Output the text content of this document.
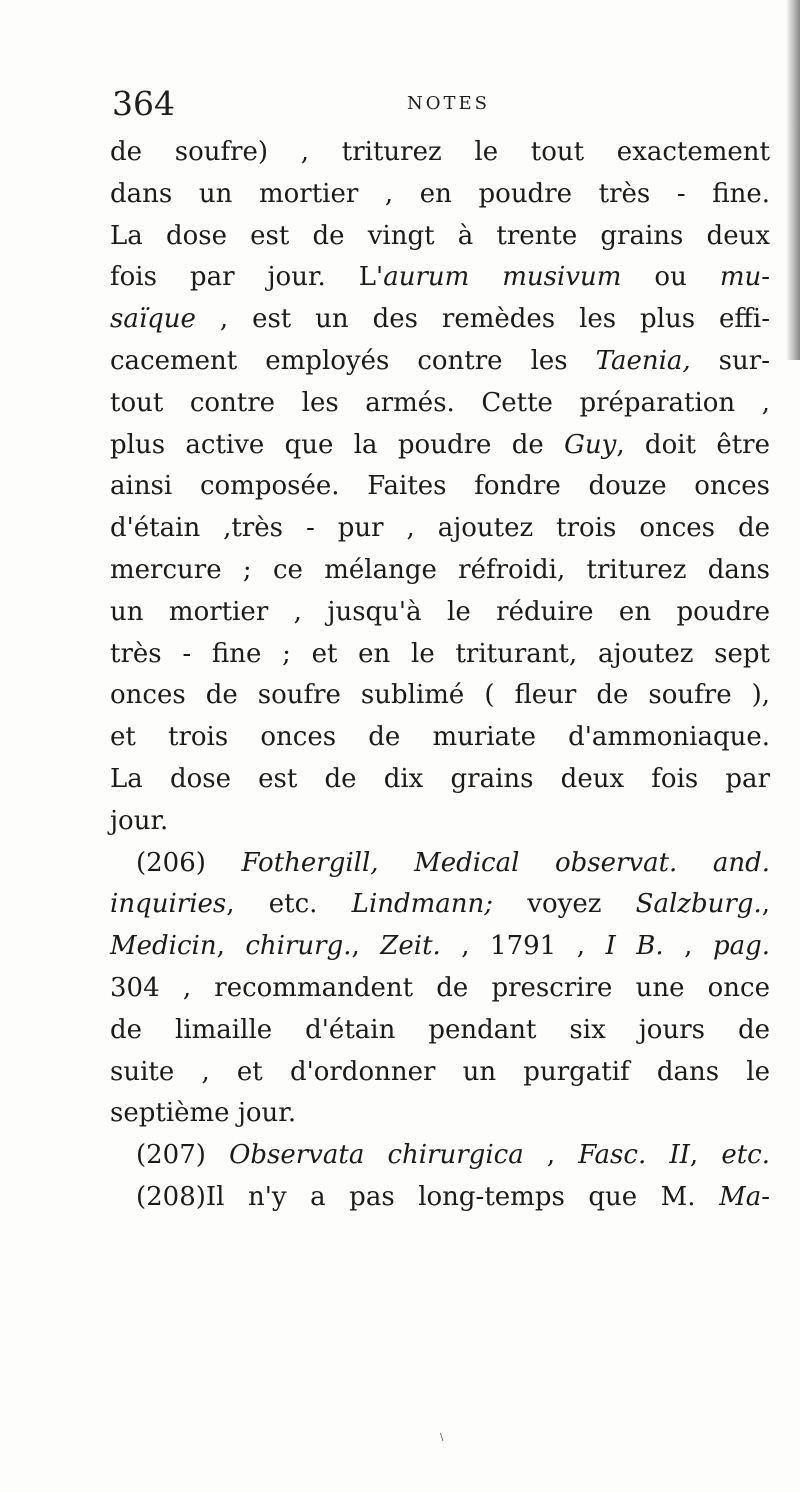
364	NOTES
de soufre) , triturez le tout exactement
dans un mortier , en poudre très - fine.
La dose est de vingt à trente grains deux
fois par jour. L'aurum musivum ou mu-
saïque , est un des remèdes les plus effi-
cacement employés contre les Taenia, sur-
tout contre les armés. Cette préparation ,
plus active que la poudre de Guy, doit être
ainsi composée. Faites fondre douze onces
d'étain ,très - pur , ajoutez trois onces de
mercure ; ce mélange réfroidi, triturez dans
un mortier , jusqu'à le réduire en poudre
très - fine ; et en le triturant, ajoutez sept
onces de soufre sublimé ( fleur de soufre ),
et trois onces de muriate d'ammoniaque.
La dose est de dix grains deux fois par
jour.
(206) Fothergill, Medical observat. and.
inquiries, etc. Lindmann; voyez Salzburg.,
Medicin, chirurg., Zeit. , 1791 , I B. , pag.
304 , recommandent de prescrire une once
de limaille d'étain pendant six jours de
suite , et d'ordonner un purgatif dans le
septième jour.
(207) Observata chirurgica , Fasc. II, etc.
(208)Il n'y a pas long-temps que M. Ma-
\
